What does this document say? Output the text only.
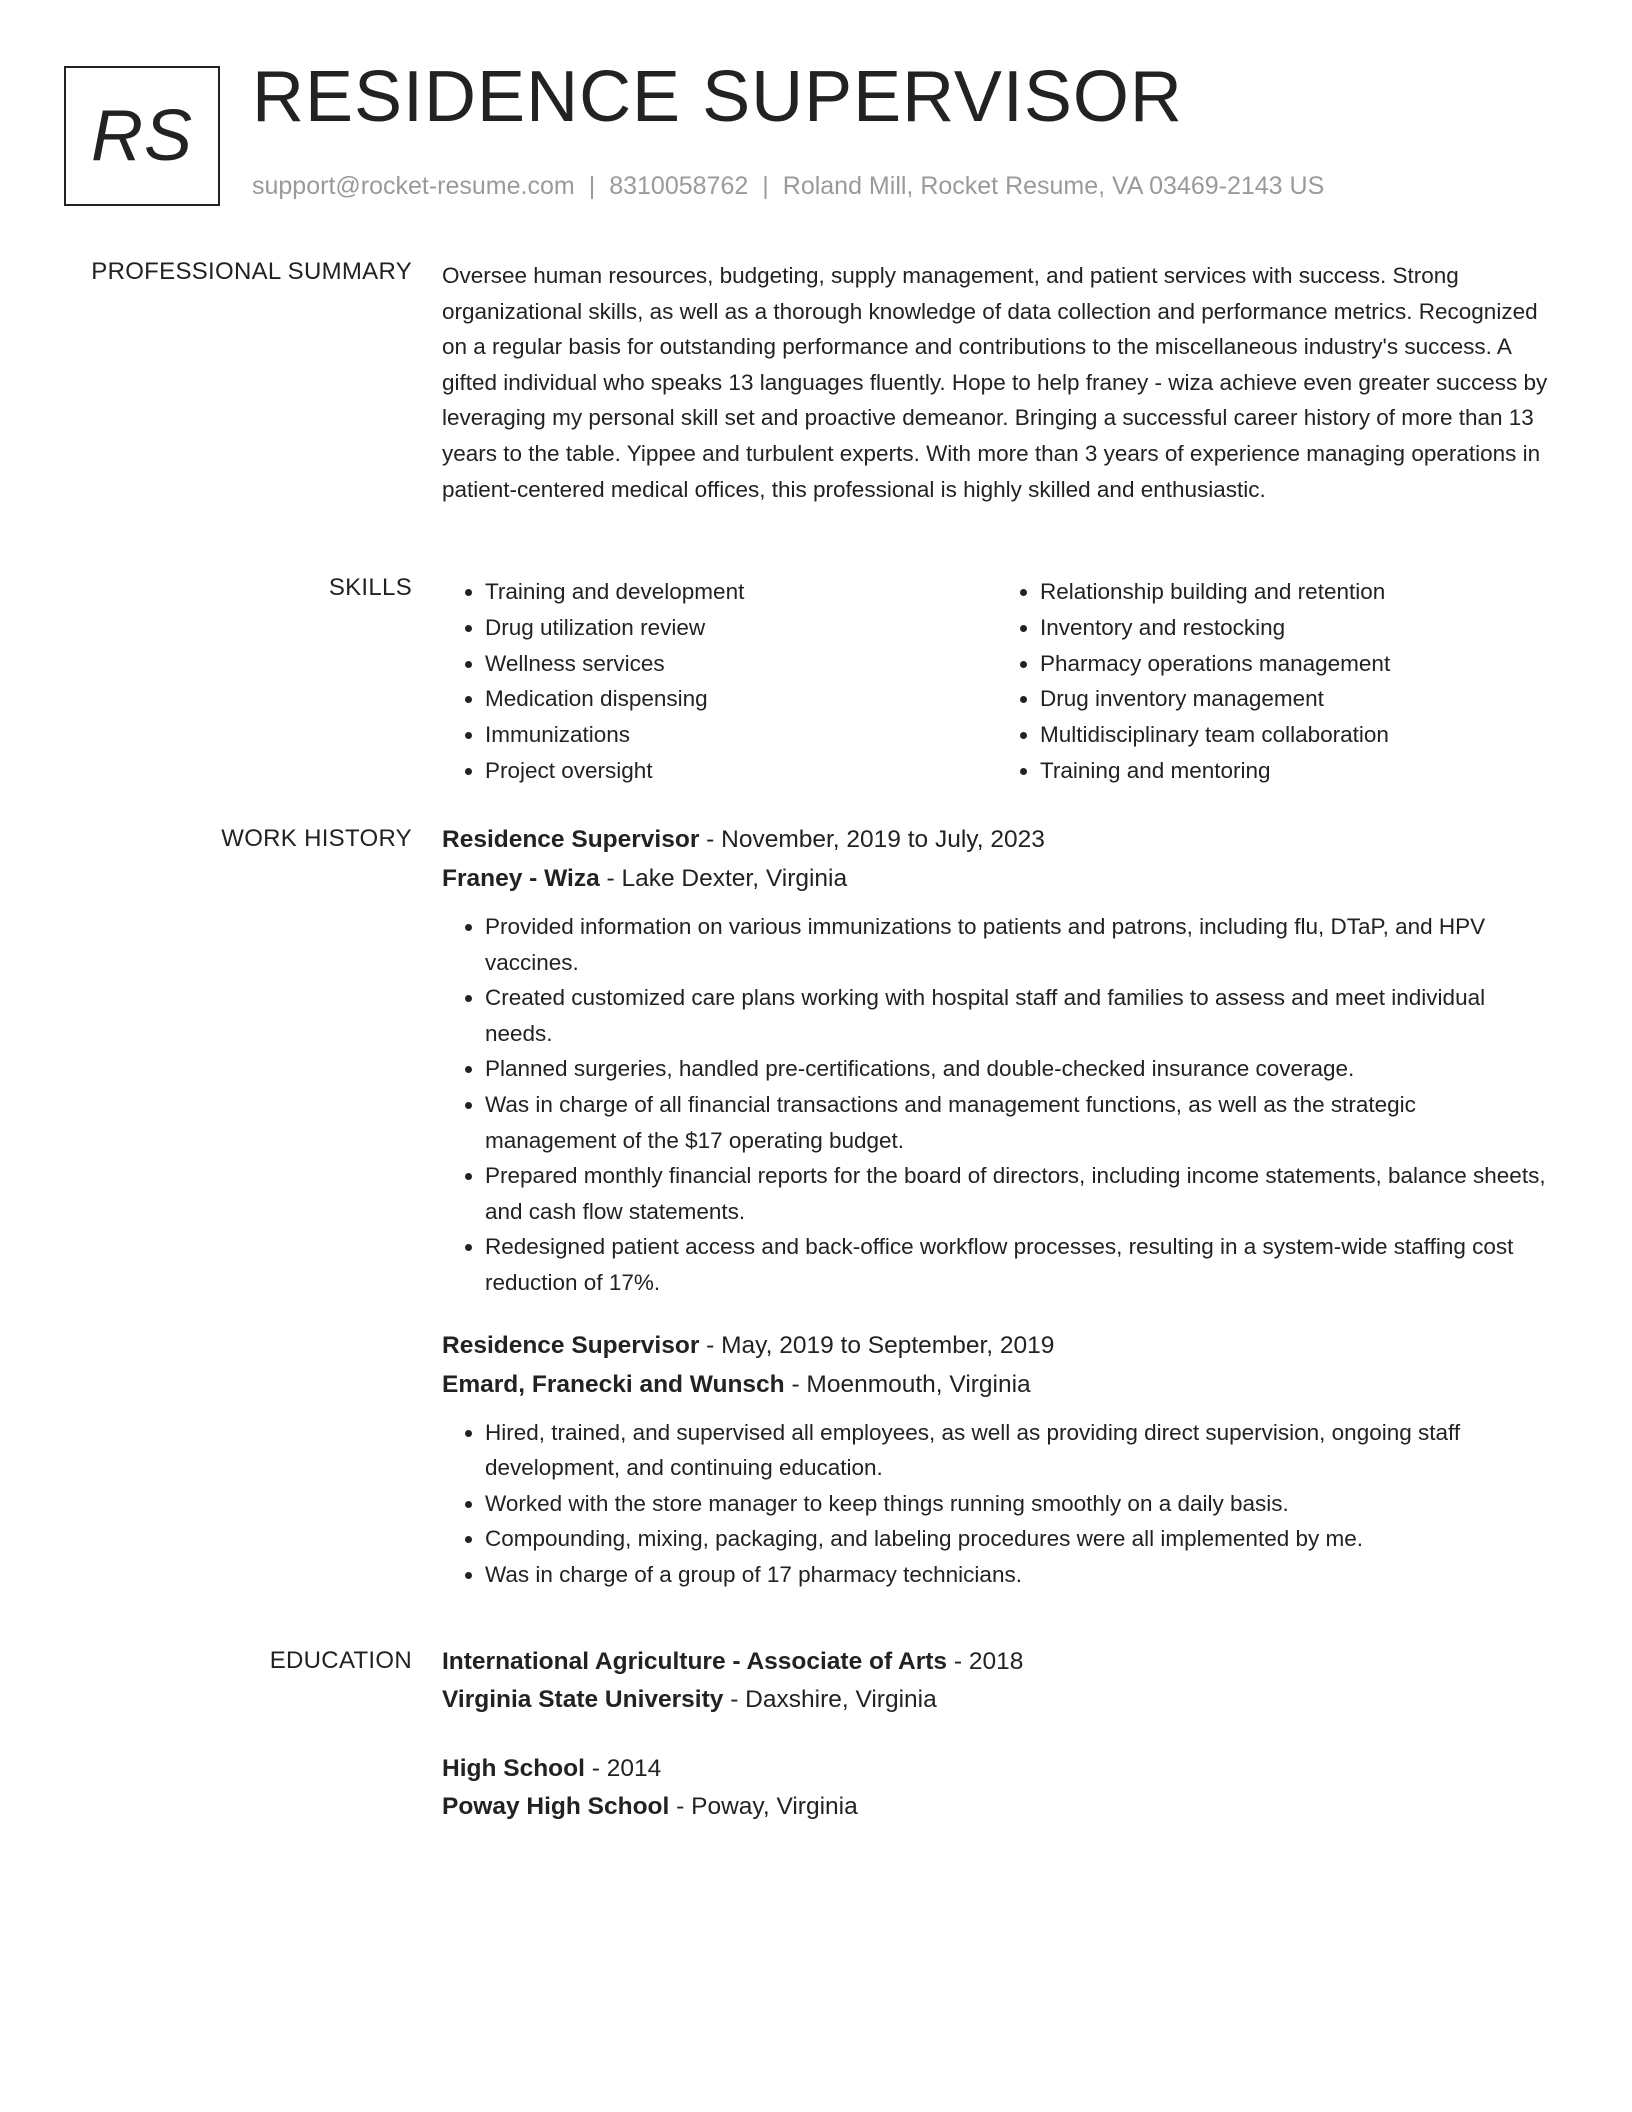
RS RESIDENCE SUPERVISOR
support@rocket-resume.com | 8310058762 | Roland Mill, Rocket Resume, VA 03469-2143 US
PROFESSIONAL SUMMARY Oversee human resources, budgeting, supply management, and patient services with success. Strong organizational skills, as well as a thorough knowledge of data collection and performance metrics. Recognized on a regular basis for outstanding performance and contributions to the miscellaneous industry's success. A gifted individual who speaks 13 languages fluently. Hope to help franey - wiza achieve even greater success by leveraging my personal skill set and proactive demeanor. Bringing a successful career history of more than 13 years to the table. Yippee and turbulent experts. With more than 3 years of experience managing operations in patient-centered medical offices, this professional is highly skilled and enthusiastic.

SKILLS
•	Training and development
• Drug utilization review
• Wellness services
• Medication dispensing
• Immunizations
• Project oversight
• Relationship building and retention
• Inventory and restocking
• Pharmacy operations management
• Drug inventory management
• Multidisciplinary team collaboration
• Training and mentoring
WORK HISTORY Residence Supervisor - November, 2019 to July, 2023
Franey - Wiza - Lake Dexter, Virginia
• Provided information on various immunizations to patients and patrons, including flu, DTaP, and HPV vaccines.
• Created customized care plans working with hospital staff and families to assess and meet individual needs.
• Planned surgeries, handled pre-certifications, and double-checked insurance coverage.
• Was in charge of all financial transactions and management functions, as well as the strategic management of the $17 operating budget.
• Prepared monthly financial reports for the board of directors, including income statements, balance sheets, and cash flow statements.
• Redesigned patient access and back-office workflow processes, resulting in a system-wide staffing cost reduction of 17%.
Residence Supervisor - May, 2019 to September, 2019
Emard, Franecki and Wunsch - Moenmouth, Virginia
• Hired, trained, and supervised all employees, as well as providing direct supervision, ongoing staff development, and continuing education.
• Worked with the store manager to keep things running smoothly on a daily basis.
• Compounding, mixing, packaging, and labeling procedures were all implemented by me.
• Was in charge of a group of 17 pharmacy technicians.
EDUCATION International Agriculture - Associate of Arts - 2018
Virginia State University - Daxshire, Virginia
High School - 2014
Poway High School - Poway, Virginia
